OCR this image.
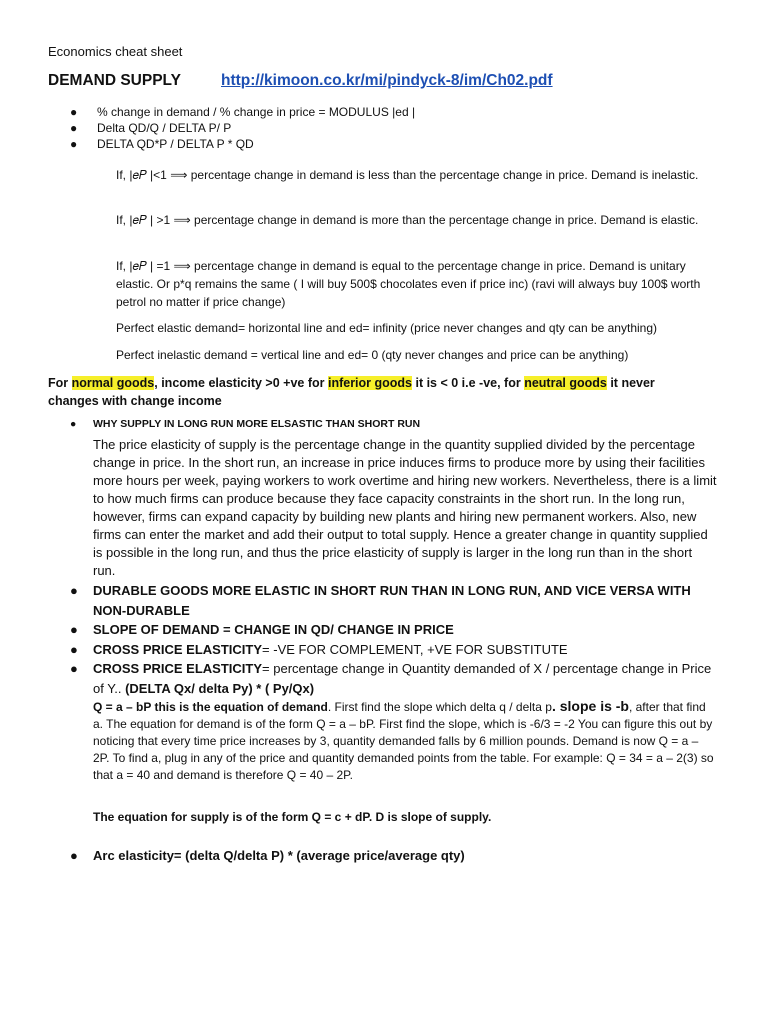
Economics cheat sheet
DEMAND SUPPLY	http://kimoon.co.kr/mi/pindyck-8/im/Ch02.pdf
● % change in demand / % change in price = MODULUS |ed |
● Delta QD/Q / DELTA P/ P
● DELTA QD*P / DELTA P * QD
If, |𝑒𝑃 |<1 ⟹ percentage change in demand is less than the percentage change in price. Demand is inelastic.
If, |𝑒𝑃 | >1 ⟹ percentage change in demand is more than the percentage change in price. Demand is elastic.
If, |𝑒𝑃 | =1 ⟹ percentage change in demand is equal to the percentage change in price. Demand is unitary elastic. Or p*q remains the same ( I will buy 500$ chocolates even if price inc) (ravi will always buy 100$ worth petrol no matter if price change)
Perfect elastic demand= horizontal line and ed= infinity (price never changes and qty can be anything)
Perfect inelastic demand = vertical line and ed= 0 (qty never changes and price can be anything)
For normal goods, income elasticity >0 +ve for inferior goods it is < 0 i.e -ve, for neutral goods it never changes with change income
● WHY SUPPLY IN LONG RUN MORE ELSASTIC THAN SHORT RUN
The price elasticity of supply is the percentage change in the quantity supplied divided by the percentage change in price. In the short run, an increase in price induces firms to produce more by using their facilities more hours per week, paying workers to work overtime and hiring new workers. Nevertheless, there is a limit to how much firms can produce because they face capacity constraints in the short run. In the long run, however, firms can expand capacity by building new plants and hiring new permanent workers. Also, new firms can enter the market and add their output to total supply. Hence a greater change in quantity supplied is possible in the long run, and thus the price elasticity of supply is larger in the long run than in the short run.
● DURABLE GOODS MORE ELASTIC IN SHORT RUN THAN IN LONG RUN, AND VICE VERSA WITH NON-DURABLE
● SLOPE OF DEMAND = CHANGE IN QD/ CHANGE IN PRICE
● CROSS PRICE ELASTICITY= -VE FOR COMPLEMENT, +VE FOR SUBSTITUTE
● CROSS PRICE ELASTICITY= percentage change in Quantity demanded of X / percentage change in Price of Y.. (DELTA Qx/ delta Py) * ( Py/Qx)
Q = a – bP this is the equation of demand. First find the slope which delta q / delta p. slope is -b, after that find a. The equation for demand is of the form Q = a – bP. First find the slope, which is -6/3 = -2 You can figure this out by noticing that every time price increases by 3, quantity demanded falls by 6 million pounds. Demand is now Q = a – 2P. To find a, plug in any of the price and quantity demanded points from the table. For example: Q = 34 = a – 2(3) so that a = 40 and demand is therefore Q = 40 – 2P.
The equation for supply is of the form Q = c + dP. D is slope of supply.
● Arc elasticity= (delta Q/delta P) * (average price/average qty)
